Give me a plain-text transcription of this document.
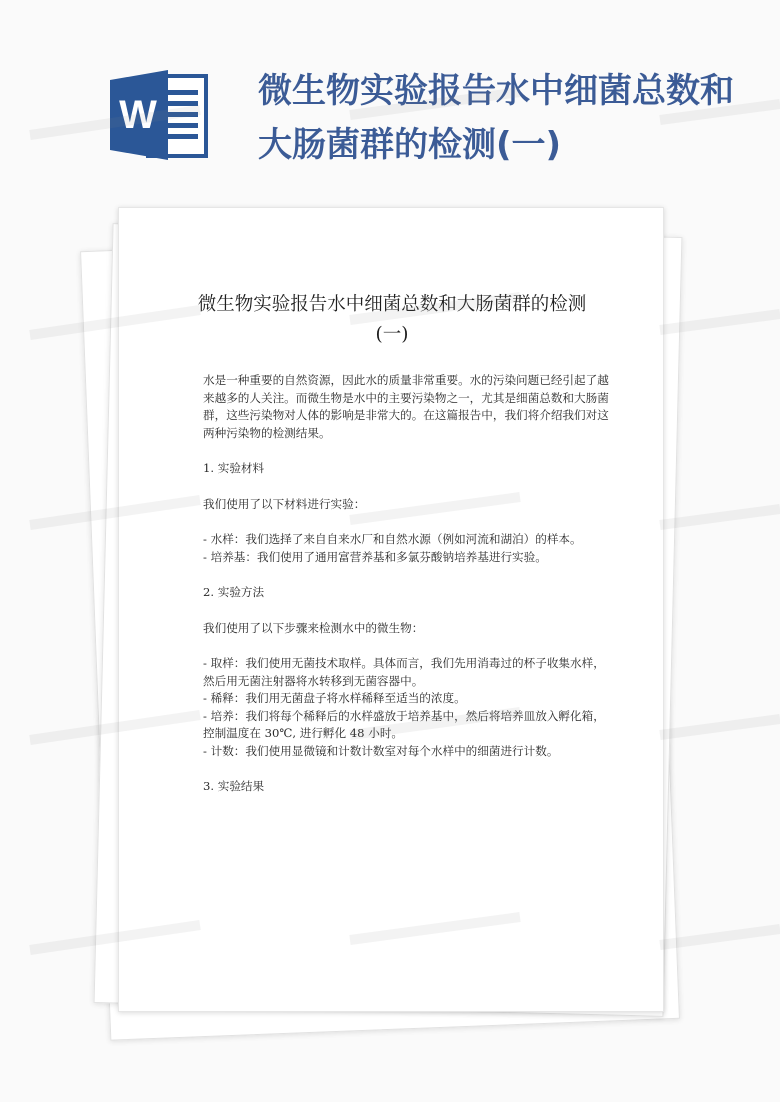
W
微生物实验报告水中细菌总数和大肠菌群的检测(一)
微生物实验报告水中细菌总数和大肠菌群的检测(一)

水是一种重要的自然资源，因此水的质量非常重要。水的污染问题已经引起了越来越多的人关注。而微生物是水中的主要污染物之一，尤其是细菌总数和大肠菌群，这些污染物对人体的影响是非常大的。在这篇报告中，我们将介绍我们对这两种污染物的检测结果。

1. 实验材料

我们使用了以下材料进行实验：

- 水样：我们选择了来自自来水厂和自然水源（例如河流和湖泊）的样本。

- 培养基：我们使用了通用富营养基和多氯芬酸钠培养基进行实验。

2. 实验方法

我们使用了以下步骤来检测水中的微生物：

- 取样：我们使用无菌技术取样。具体而言，我们先用消毒过的杯子收集水样，然后用无菌注射器将水转移到无菌容器中。

- 稀释：我们用无菌盘子将水样稀释至适当的浓度。

- 培养：我们将每个稀释后的水样盛放于培养基中，然后将培养皿放入孵化箱，控制温度在 30℃, 进行孵化 48 小时。

- 计数：我们使用显微镜和计数计数室对每个水样中的细菌进行计数。

3. 实验结果
